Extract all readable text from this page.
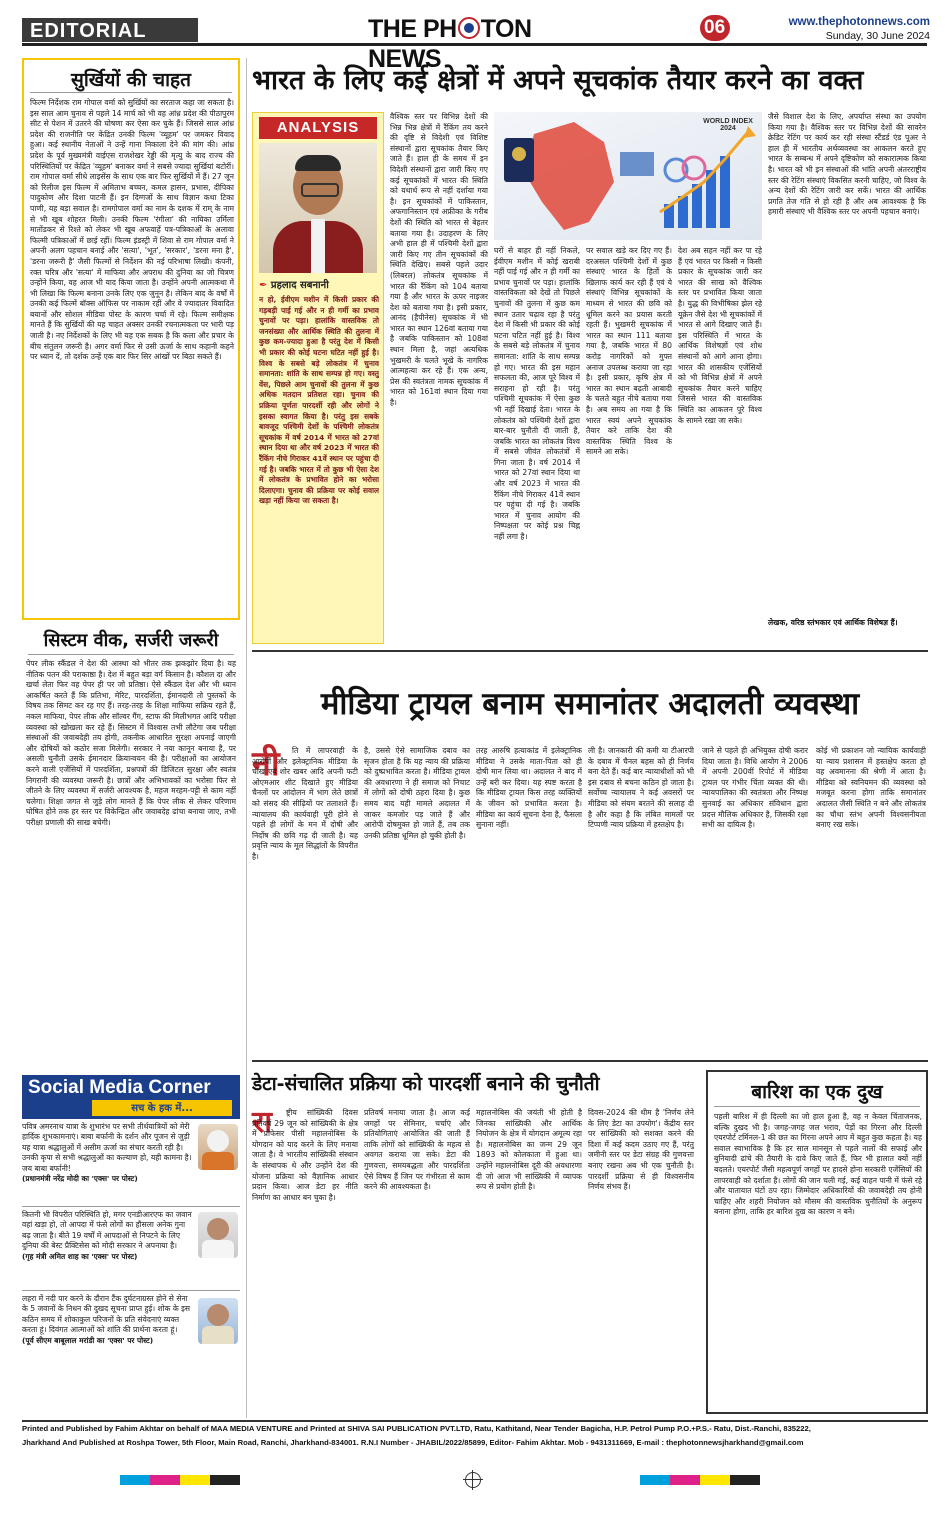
EDITORIAL	THE PH TON NEWS
06	www.thephotonnews.com
Sunday, 30 June 2024
सुर्खियों की चाहत
फिल्म निर्देशक राम गोपाल वर्मा को सुर्खियों का सरताज कहा जा सकता है। इस साल आम चुनाव से पहले 14 मार्च को भी वह आंध्र प्रदेश की पीठापुरम सीट से पेशन में उतरने की घोषणा कर ऐसा कर चुके हैं। जिससे साल आंध्र प्रदेश की राजनीति पर केंद्रित उनकी फिल्म 'व्यूहम' पर जमकर विवाद हुआ। कई स्थानीय नेताओं ने उन्हें गाना निकाला देने की मांग की। आंध्र प्रदेश के पूर्व मुख्यमंत्री वाईएस राजशेखर रेड्डी की मृत्यु के बाद राज्य की परिस्थितियों पर केंद्रित 'व्यूहम' बनाकर वर्मा ने सबसे ज्यादा सुर्खियां बटोरीं। राम गोपाल वर्मा सीधे लाइसेंस के साथ एक बार फिर सुर्खियों में हैं। 27 जून को रिलीज इस फिल्म में अमिताभ बच्चन, कमल हासन, प्रभास, दीपिका पादुकोण और दिशा पाटनी हैं। इन दिग्गजों के साथ विज्ञान कथा टिका पाणी, यह बड़ा सवाल है। रामगोपाल वर्मा का नाम के दशक में राम् के नाम से भी खूब शोहरत मिली। उनकी फिल्म 'रंगीला' की नायिका उर्मिला मातोंडकर से रिश्ते को लेकर भी खूब अफवाहें पत्र-पत्रिकाओं के अलावा फिल्मी पत्रिकाओं में छाई रहीं। फिल्म इंडस्ट्री में शिवा से राम गोपाल वर्मा ने अपनी अलग पहचान बनाई और 'सत्या', 'भूत', 'सरकार', 'डरना मना है', 'डरना जरूरी है' जैसी फिल्मों से निर्देशन की नई परिभाषा लिखी। कंपनी, रक्त चरित्र और 'सत्या' में माफिया और अपराध की दुनिया का जो चित्रण उन्होंने किया, वह आज भी याद किया जाता है। उन्होंने अपनी आत्मकथा में भी लिखा कि फिल्म बनाना उनके लिए एक जुनून है। लेकिन बाद के वर्षों में उनकी कई फिल्में बॉक्स ऑफिस पर नाकाम रहीं और वे ज्यादातर विवादित बयानों और सोशल मीडिया पोस्ट के कारण चर्चा में रहे। फिल्म समीक्षक मानते हैं कि सुर्खियों की यह चाहत अक्सर उनकी रचनात्मकता पर भारी पड़ जाती है। नए निर्देशकों के लिए भी यह एक सबक है कि कला और प्रचार के बीच संतुलन जरूरी है। अगर वर्मा फिर से उसी ऊर्जा के साथ कहानी कहने पर ध्यान दें, तो दर्शक उन्हें एक बार फिर सिर आंखों पर बिठा सकते हैं।
सिस्टम वीक, सर्जरी जरूरी
पेपर लीक स्कैंडल ने देश की आस्था को भीतर तक झकझोर दिया है। यह नीतिक पतन की पराकाष्ठा है। देश में बहुत बड़ा वर्ग किसान है। कौशल दा और खर्चा लेता फिर वह पेपर ही पर जो प्रतिष्ठा। ऐसे स्कैंडल देश और भी ध्यान आकर्षित करते हैं कि प्रतिभा, मेरिट, पारदर्शिता, ईमानदारी तो पुस्तकों के विषय तक सिमट कर रह गए हैं। तरह-तरह के शिक्षा माफिया सक्रिय रहते हैं, नकल माफिया, पेपर लीक और सॉल्वर गैंग, स्टाफ की मिलीभगत आदि परीक्षा व्यवस्था को खोखला कर रहे हैं। सिस्टम में विश्वास तभी लौटेगा जब परीक्षा संस्थाओं की जवाबदेही तय होगी, तकनीक आधारित सुरक्षा अपनाई जाएगी और दोषियों को कठोर सजा मिलेगी। सरकार ने नया कानून बनाया है, पर असली चुनौती उसके ईमानदार क्रियान्वयन की है। परीक्षाओं का आयोजन करने वाली एजेंसियों में पारदर्शिता, प्रश्नपत्रों की डिजिटल सुरक्षा और स्वतंत्र निगरानी की व्यवस्था जरूरी है। छात्रों और अभिभावकों का भरोसा फिर से जीतने के लिए व्यवस्था में सर्जरी आवश्यक है, महज मरहम-पट्टी से काम नहीं चलेगा। शिक्षा जगत से जुड़े लोग मानते हैं कि पेपर लीक से लेकर परिणाम घोषित होने तक हर स्तर पर विकेन्द्रित और जवाबदेह ढांचा बनाया जाए, तभी परीक्षा प्रणाली की साख बचेगी।
Social Media Corner
सच के हक में...
पवित्र अमरनाथ यात्रा के शुभारंभ पर सभी तीर्थयात्रियों को मेरी हार्दिक शुभकामनाएं। बाबा बर्फानी के दर्शन और पूजन से जुड़ी यह यात्रा श्रद्धालुओं में असीम ऊर्जा का संचार करती रही है। उनकी कृपा से सभी श्रद्धालुओं का कल्याण हो, यही कामना है। जय बाबा बर्फानी!
(प्रधानमंत्री नरेंद्र मोदी का 'एक्स' पर पोस्ट)
कितनी भी विपरीत परिस्थिति हो, मगर एनडीआरएफ का जवान वहां खड़ा हो, तो आपदा में फंसे लोगों का हौसला अनेक गुना बढ़ जाता है। बीते 19 वर्षों में आपदाओं से निपटने के लिए दुनिया की बेस्ट प्रैक्टिसेस को मोदी सरकार ने अपनाया है।
(गृह मंत्री अमित शाह का 'एक्स' पर पोस्ट)
लहरा में नदी पार करने के दौरान टैंक दुर्घटनाग्रस्त होने से सेना के 5 जवानों के निधन की दुखद सूचना प्राप्त हुई। शोक के इस कठिन समय में शोकाकुल परिजनों के प्रति संवेदनाएं व्यक्त करता हूं। दिवंगत आत्माओं को शांति की प्रार्थना करता हूं।
(पूर्व सीएम बाबूलाल मरांडी का 'एक्स' पर पोस्ट)
भारत के लिए कई क्षेत्रों में अपने सूचकांक तैयार करने का वक्त
ANALYSIS
✒ प्रहलाद सबनानी
न हो, ईवीएम मशीन में किसी प्रकार की गड़बड़ी पाई गई और न ही गर्मी का प्रभाव चुनावों पर पड़ा। हालांकि वास्तविक तो जनसंख्या और आर्थिक स्थिति की तुलना में कुछ कम-ज्यादा हुआ है परंतु देश में किसी भी प्रकार की कोई घटना घटित नहीं हुई है। विश्व के सबसे बड़े लोकतंत्र में चुनाव समानता: शांति के साथ सम्पन्न हो गए। वस्तु वेंस, पिछले आम चुनावों की तुलना में कुछ अधिक मतदान प्रतिशत रहा। चुनाव की प्रक्रिया पूर्णतः पारदर्शी रही और लोगों ने इसका स्वागत किया है। परंतु इस सबके बावजूद पश्चिमी देशों के पश्चिमी लोकतंत्र सूचकांक में वर्ष 2014 में भारत को 27वां स्थान दिया था और वर्ष 2023 में भारत की रैंकिंग नीचे गिराकर 41वें स्थान पर पहुंचा दी गई है। जबकि भारत में तो कुछ भी ऐसा देश में लोकतंत्र के प्रभावित होने का भरोसा दिलाएगा। चुनाव की प्रक्रिया पर कोई सवाल खड़ा नहीं किया जा सकता है।
वैश्विक स्तर पर विभिन्न देशों की भिन्न भिन्न क्षेत्रों में रैंकिंग तय करने की दृष्टि से विदेशी एवं विशिष्ट संस्थानों द्वारा सूचकांक तैयार किए जाते हैं। हाल ही के समय में इन विदेशी संस्थानों द्वारा जारी किए गए कई सूचकांकों में भारत की स्थिति को यथार्थ रूप से नहीं दर्शाया गया है। इन सूचकांकों में पाकिस्तान, अफगानिस्तान एवं अफ्रीका के गरीब देशों की स्थिति को भारत से बेहतर बताया गया है। उदाहरण के लिए अभी हाल ही में पश्चिमी देशों द्वारा जारी किए गए तीन सूचकांकों की स्थिति देखिए। सबसे पहले उदार (लिबरल) लोकतंत्र सूचकांक में भारत की रैंकिंग को 104 बताया गया है और भारत के ऊपर नाइजर देश को बताया गया है। इसी प्रकार, आनंद (हैपीनेस) सूचकांक में भी भारत का स्थान 126वां बताया गया है जबकि पाकिस्तान को 108वां स्थान मिला है, जहां अत्यधिक भुखमरी के चलते भूखे के नागरिक आत्महत्या कर रहे हैं। एक अन्य, प्रेस की स्वतंत्रता नामक सूचकांक में भारत को 161वां स्थान दिया गया है।
WORLD INDEX 2024
घरों से बाहर ही नहीं निकले, ईवीएम मशीन में कोई खराबी नहीं पाई गई और न ही गर्मी का प्रभाव चुनावों पर पड़ा। हालांकि वास्तविकता को देखें तो पिछले चुनावों की तुलना में कुछ कम स्थान उतार चढ़ाव रहा है परंतु देश में किसी भी प्रकार की कोई घटना घटित नहीं हुई है। विश्व के सबसे बड़े लोकतंत्र में चुनाव समानता: शांति के साथ सम्पन्न हो गए। भारत की इस महान सफलता की, आज पूरे विश्व में सराहना हो रही है। परंतु पश्चिमी सूचकांक में ऐसा कुछ भी नहीं दिखाई देता। भारत के लोकतंत्र को पश्चिमी देशों द्वारा बार-बार चुनौती दी जाती है, जबकि भारत का लोकतंत्र विश्व में सबसे जीवंत लोकतंत्रों में गिना जाता है। वर्ष 2014 में भारत को 27वां स्थान दिया था और वर्ष 2023 में भारत की रैंकिंग नीचे गिराकर 41वें स्थान पर पहुंचा दी गई है। जबकि भारत में चुनाव आयोग की निष्पक्षता पर कोई प्रश्न चिह्न नहीं लगा है।
पर सवाल खड़े कर दिए गए हैं। दरअसल पश्चिमी देशों में कुछ संस्थाएं भारत के हितों के खिलाफ कार्य कर रही हैं एवं ये संस्थाएं विभिन्न सूचकांकों के माध्यम से भारत की छवि को धूमिल करने का प्रयास करती रहती हैं। भुखमरी सूचकांक में भारत का स्थान 111 बताया गया है, जबकि भारत में 80 करोड़ नागरिकों को मुफ्त अनाज उपलब्ध कराया जा रहा है। इसी प्रकार, कृषि क्षेत्र में भारत का स्थान बढ़ती आबादी के चलते बहुत नीचे बताया गया है। अब समय आ गया है कि भारत स्वयं अपने सूचकांक तैयार करे ताकि देश की वास्तविक स्थिति विश्व के सामने आ सके।
देश अब सहन नहीं कर पा रहे हैं एवं भारत पर किसी न किसी प्रकार के सूचकांक जारी कर भारत की साख को वैश्विक स्तर पर प्रभावित किया जाता है। युद्ध की विभीषिका झेल रहे यूक्रेन जैसे देश भी सूचकांकों में भारत से आगे दिखाए जाते हैं। इस परिस्थिति में भारत के आर्थिक विशेषज्ञों एवं शोध संस्थानों को आगे आना होगा। भारत की शासकीय एजेंसियों को भी विभिन्न क्षेत्रों में अपने सूचकांक तैयार करने चाहिए जिससे भारत की वास्तविक स्थिति का आकलन पूरे विश्व के सामने रखा जा सके।
जैसे विशाल देश के लिए, अपर्याप्त संस्था का उपयोग किया गया है। वैश्विक स्तर पर विभिन्न देशों की सावरेन क्रेडिट रेटिंग पर कार्य कर रही संस्था स्टैंडर्ड एंड पूअर ने हाल ही में भारतीय अर्थव्यवस्था का आकलन करते हुए भारत के सम्बन्ध में अपने दृष्टिकोण को सकारात्मक किया है। भारत को भी इन संस्थाओं की भांति अपनी अंतरराष्ट्रीय स्तर की रेटिंग संस्थाएं विकसित करनी चाहिए, जो विश्व के अन्य देशों की रेटिंग जारी कर सकें। भारत की आर्थिक प्रगति तेज गति से हो रही है और अब आवश्यक है कि हमारी संस्थाएं भी वैश्विक स्तर पर अपनी पहचान बनाएं।
लेखक, वरिष्ठ स्तंभकार एवं आर्थिक विशेषज्ञ हैं।
मीडिया ट्रायल बनाम समानांतर अदालती व्यवस्था
नी	ति में लापरवाही के आरोपों और इलेक्ट्रानिक मीडिया के चीख एवं शोर खबर आदि अपनी फटी ओएमआर शीट दिखाते हुए मीडिया चैनलों पर आंदोलन में भाग लेते छात्रों को संसद की सीढ़ियों पर तलाशते हैं। न्यायालय की कार्यवाही पूरी होने से पहले ही लोगों के मन में दोषी और निर्दोष की छवि गढ़ दी जाती है। यह प्रवृत्ति न्याय के मूल सिद्धांतों के विपरीत है।
है, उससे ऐसे सामाजिक दबाव का सृजन होता है कि यह न्याय की प्रक्रिया को दुष्प्रभावित करता है। मीडिया ट्रायल की अवधारणा ने ही समाज को निचाट में लोगों को दोषी ठहरा दिया है। कुछ समय बाद यही मामले अदालत में जाकर कमजोर पड़ जाते हैं और आरोपी दोषमुक्त हो जाते हैं, तब तक उनकी प्रतिष्ठा धूमिल हो चुकी होती है।
तरह आरुषि हत्याकांड में इलेक्ट्रानिक मीडिया ने उसके माता-पिता को ही दोषी मान लिया था। अदालत ने बाद में उन्हें बरी कर दिया। यह स्पष्ट करता है कि मीडिया ट्रायल किस तरह व्यक्तियों के जीवन को प्रभावित करता है। मीडिया का कार्य सूचना देना है, फैसला सुनाना नहीं।
ली है। जानकारी की कमी या टीआरपी के दबाव में चैनल बहस को ही निर्णय बना देते हैं। कई बार न्यायाधीशों को भी इस दबाव से बचना कठिन हो जाता है। सर्वोच्च न्यायालय ने कई अवसरों पर मीडिया को संयम बरतने की सलाह दी है और कहा है कि लंबित मामलों पर टिप्पणी न्याय प्रक्रिया में हस्तक्षेप है।
जाने से पहले ही अभियुक्त दोषी करार दिया जाता है। विधि आयोग ने 2006 में अपनी 200वीं रिपोर्ट में मीडिया ट्रायल पर गंभीर चिंता व्यक्त की थी। न्यायपालिका की स्वतंत्रता और निष्पक्ष सुनवाई का अधिकार संविधान द्वारा प्रदत्त मौलिक अधिकार है, जिसकी रक्षा सभी का दायित्व है।
कोई भी प्रकाशन जो न्यायिक कार्यवाही या न्याय प्रशासन में हस्तक्षेप करता हो वह अवमानना की श्रेणी में आता है। मीडिया को स्वनियमन की व्यवस्था को मजबूत करना होगा ताकि समानांतर अदालत जैसी स्थिति न बने और लोकतंत्र का चौथा स्तंभ अपनी विश्वसनीयता बनाए रख सके।
डेटा-संचालित प्रक्रिया को पारदर्शी बनाने की चुनौती
रा	ष्ट्रीय सांख्यिकी दिवस प्रतिवर्ष 29 जून को सांख्यिकी के क्षेत्र में प्रोफेसर पीसी महालनोबिस के योगदान को याद करने के लिए मनाया जाता है। वे भारतीय सांख्यिकी संस्थान के संस्थापक थे और उन्होंने देश की योजना प्रक्रिया को वैज्ञानिक आधार प्रदान किया। आज डेटा हर नीति निर्माण का आधार बन चुका है।
प्रतिवर्ष मनाया जाता है। आज कई जगहों पर सेमिनार, चर्चाएं और प्रतियोगिताएं आयोजित की जाती हैं ताकि लोगों को सांख्यिकी के महत्व से अवगत कराया जा सके। डेटा की गुणवत्ता, समयबद्धता और पारदर्शिता ऐसे विषय हैं जिन पर गंभीरता से काम करने की आवश्यकता है।
महालनोबिस की जयंती भी होती है जिनका सांख्यिकी और आर्थिक नियोजन के क्षेत्र में योगदान अमूल्य रहा है। महालनोबिस का जन्म 29 जून 1893 को कोलकाता में हुआ था। उन्होंने महालनोबिस दूरी की अवधारणा दी जो आज भी सांख्यिकी में व्यापक रूप से प्रयोग होती है।
दिवस-2024 की थीम है 'निर्णय लेने के लिए डेटा का उपयोग'। केंद्रीय स्तर पर सांख्यिकी को सशक्त करने की दिशा में कई कदम उठाए गए हैं, परंतु जमीनी स्तर पर डेटा संग्रह की गुणवत्ता बनाए रखना अब भी एक चुनौती है। पारदर्शी प्रक्रिया से ही विश्वसनीय निर्णय संभव हैं।
बारिश का एक दुख
पहली बारिश में ही दिल्ली का जो हाल हुआ है, वह न केवल चिंताजनक, बल्कि दुखद भी है। जगह-जगह जल भराव, पेड़ों का गिरना और दिल्ली एयरपोर्ट टर्मिनल-1 की छत का गिरना अपने आप में बहुत कुछ कहता है। यह सवाल स्वाभाविक है कि हर साल मानसून से पहले नालों की सफाई और बुनियादी ढांचे की तैयारी के दावे किए जाते हैं, फिर भी हालात क्यों नहीं बदलते। एयरपोर्ट जैसी महत्वपूर्ण जगहों पर हादसे होना सरकारी एजेंसियों की लापरवाही को दर्शाता है। लोगों की जान चली गई, कई वाहन पानी में फंसे रहे और यातायात घंटों ठप रहा। जिम्मेदार अधिकारियों की जवाबदेही तय होनी चाहिए और शहरी नियोजन को मौसम की वास्तविक चुनौतियों के अनुरूप बनाना होगा, ताकि हर बारिश दुख का कारण न बने।
Printed and Published by Fahim Akhtar on behalf of MAA MEDIA VENTURE and Printed at SHIVA SAI PUBLICATION PVT.LTD, Ratu, Kathitand, Near Tender Bagicha, H.P. Petrol Pump P.O.+P.S.- Ratu, Dist.-Ranchi, 835222,
Jharkhand And Published at Roshpa Tower, 5th Floor, Main Road, Ranchi, Jharkhand-834001. R.N.I Number - JHABIL/2022/85899, Editor- Fahim Akhtar. Mob - 9431311669, E-mail : thephotonnewsjharkhand@gmail.com
